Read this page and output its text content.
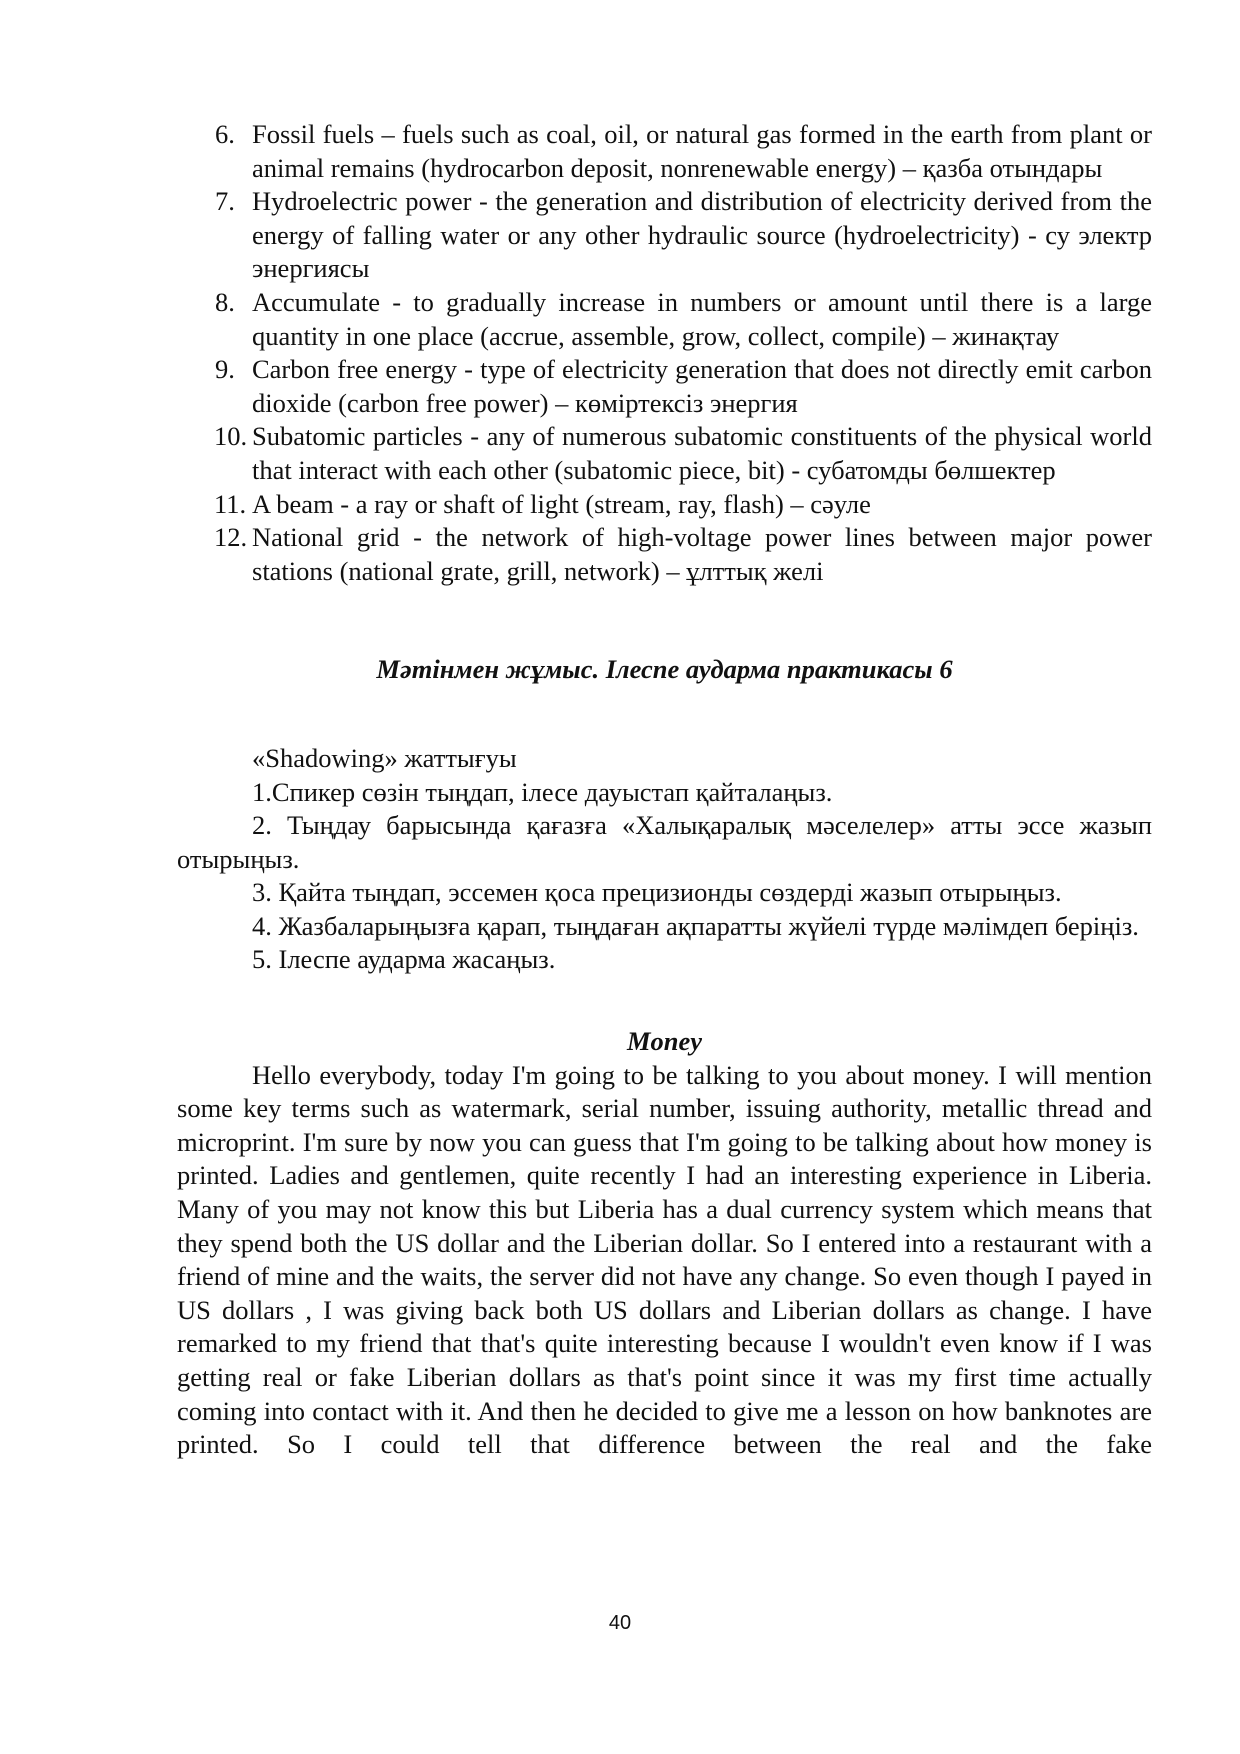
6. Fossil fuels – fuels such as coal, oil, or natural gas formed in the earth from plant or animal remains (hydrocarbon deposit, nonrenewable energy) – қазба отындары
7. Hydroelectric power - the generation and distribution of electricity derived from the energy of falling water or any other hydraulic source (hydroelectricity) - су электр энергиясы
8. Accumulate - to gradually increase in numbers or amount until there is a large quantity in one place (accrue, assemble, grow, collect, compile) – жинақтау
9. Carbon free energy - type of electricity generation that does not directly emit carbon dioxide (carbon free power) – көміртексіз энергия
10. Subatomic particles - any of numerous subatomic constituents of the physical world that interact with each other (subatomic piece, bit) - субатомды бөлшектер
11. A beam - a ray or shaft of light (stream, ray, flash) – сәуле
12. National grid - the network of high-voltage power lines between major power stations (national grate, grill, network) – ұлттық желі
Мәтінмен жұмыс. Ілеспе аударма практикасы 6

«Shadowing» жаттығуы

1.Спикер сөзін тыңдап, ілесе дауыстап қайталаңыз.

2. Тыңдау барысында қағазға «Халықаралық мәселелер» атты эссе жазып отырыңыз.

3. Қайта тыңдап, эссемен қоса прецизионды сөздерді жазып отырыңыз.

4. Жазбаларыңызға қарап, тыңдаған ақпаратты жүйелі түрде мәлімдеп беріңіз.

5. Ілеспе аударма жасаңыз.

Money

Hello everybody, today I'm going to be talking to you about money. I will mention some key terms such as watermark, serial number, issuing authority, metallic thread and microprint. I'm sure by now you can guess that I'm going to be talking about how money is printed. Ladies and gentlemen, quite recently I had an interesting experience in Liberia. Many of you may not know this but Liberia has a dual currency system which means that they spend both the US dollar and the Liberian dollar. So I entered into a restaurant with a friend of mine and the waits, the server did not have any change. So even though I payed in US dollars , I was giving back both US dollars and Liberian dollars as change. I have remarked to my friend that that's quite interesting because I wouldn't even know if I was getting real or fake Liberian dollars as that's point since it was my first time actually coming into contact with it. And then he decided to give me a lesson on how banknotes are printed. So I could tell that difference between the real and the fake

40
